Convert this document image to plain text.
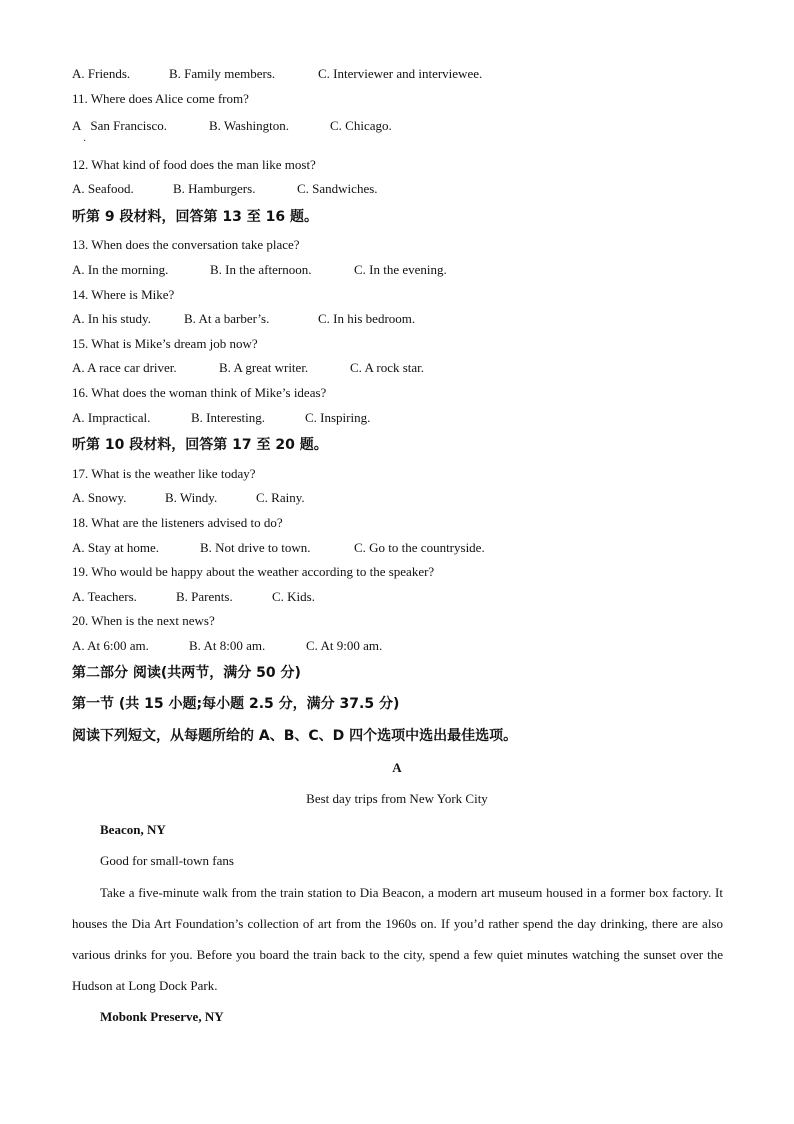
A. Friends.	B. Family members.	C. Interviewer and interviewee.
11. Where does Alice come from?
A   San Francisco.	B. Washington.	C. Chicago.
·
12. What kind of food does the man like most?
A. Seafood.	B. Hamburgers.	C. Sandwiches.
听第 9 段材料，回答第 13 至 16 题。
13. When does the conversation take place?
A. In the morning.	B. In the afternoon.	C. In the evening.
14. Where is Mike?
A. In his study.	B. At a barber’s.	C. In his bedroom.
15. What is Mike’s dream job now?
A. A race car driver.	B. A great writer.	C. A rock star.
16. What does the woman think of Mike’s ideas?
A. Impractical.	B. Interesting.	C. Inspiring.
听第 10 段材料，回答第 17 至 20 题。
17. What is the weather like today?
A. Snowy.	B. Windy.	C. Rainy.
18. What are the listeners advised to do?
A. Stay at home.	B. Not drive to town.	C. Go to the countryside.
19. Who would be happy about the weather according to the speaker?
A. Teachers.	B. Parents.	C. Kids.
20. When is the next news?
A. At 6:00 am.	B. At 8:00 am.	C. At 9:00 am.
第二部分 阅读(共两节，满分 50 分)
第一节 (共 15 小题;每小题 2.5 分，满分 37.5 分)
阅读下列短文，从每题所给的 A、B、C、D 四个选项中选出最佳选项。
A
Best day trips from New York City
Beacon, NY
Good for small-town fans
Take a five-minute walk from the train station to Dia Beacon, a modern art museum housed in a former box factory. It houses the Dia Art Foundation’s collection of art from the 1960s on. If you’d rather spend the day drinking, there are also various drinks for you. Before you board the train back to the city, spend a few quiet minutes watching the sunset over the Hudson at Long Dock Park.
Mobonk Preserve, NY
